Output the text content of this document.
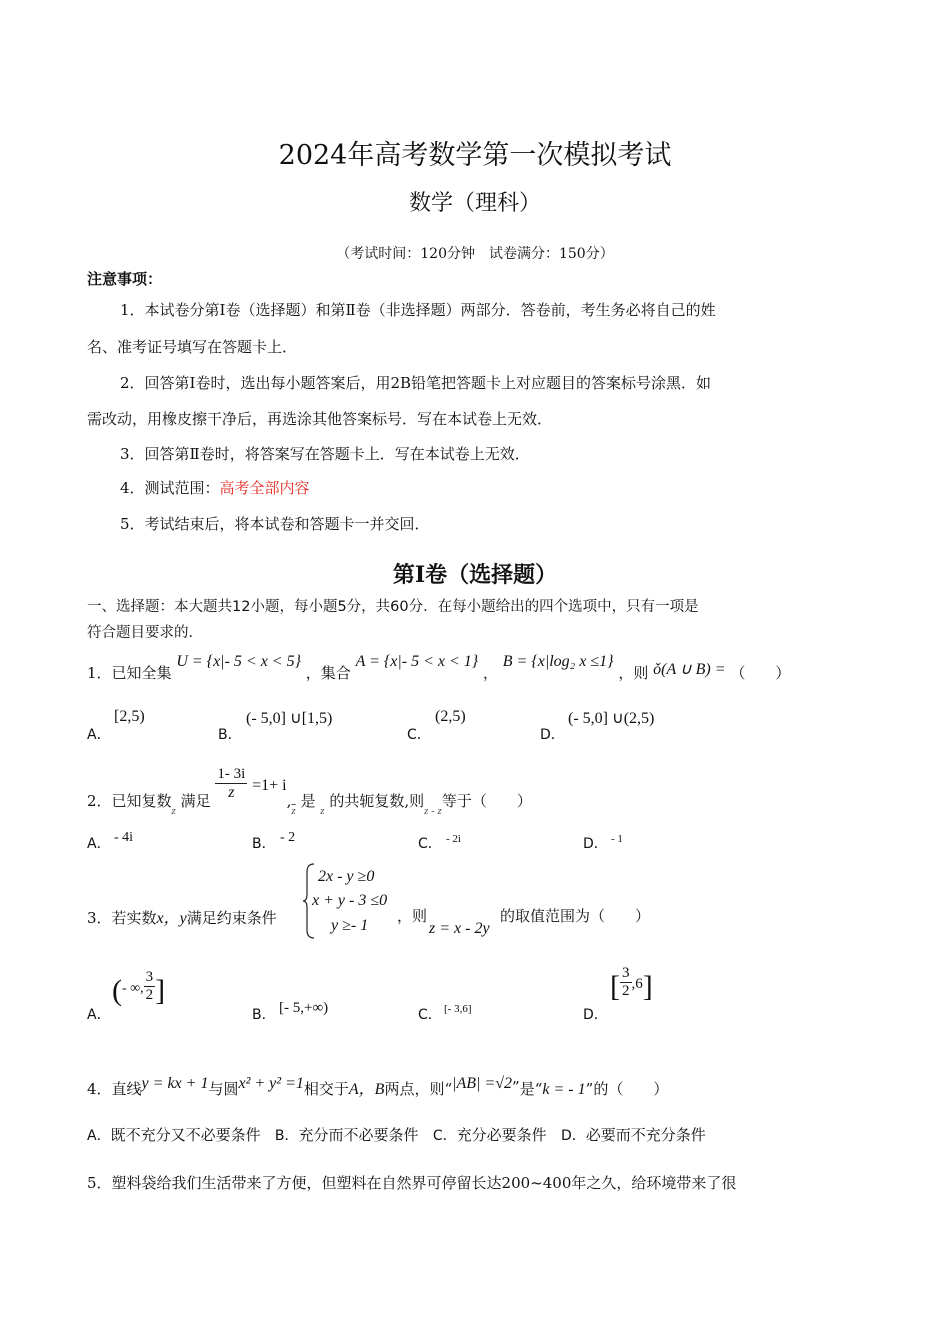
2024年高考数学第一次模拟考试
数学（理科）
（考试时间：120分钟　试卷满分：150分）
注意事项：
1．本试卷分第Ⅰ卷（选择题）和第Ⅱ卷（非选择题）两部分．答卷前，考生务必将自己的姓
名、准考证号填写在答题卡上．
2．回答第Ⅰ卷时，选出每小题答案后，用2B铅笔把答题卡上对应题目的答案标号涂黑．如
需改动，用橡皮擦干净后，再选涂其他答案标号．写在本试卷上无效．
3．回答第Ⅱ卷时，将答案写在答题卡上．写在本试卷上无效．
4．测试范围：高考全部内容
5．考试结束后，将本试卷和答题卡一并交回．
第Ⅰ卷（选择题）
一、选择题：本大题共12小题，每小题5分，共60分．在每小题给出的四个选项中，只有一项是
符合题目要求的．
1．已知全集 U = {x|- 5 < x < 5} ，集合 A = {x|- 5 < x < 1} ， B = {x|log₂ x ≤1} ，则 ǒ(A ∪ B) = （　　）
A．
[2,5)
B．
(- 5,0] ∪[1,5)
C．
(2,5)
D．
(- 5,0] ∪(2,5)
2．已知复数$_z$ 满足 $\frac{1- 3i}{z} =1+ i,_{\overline{z}}$ 是 $_z$ 的共轭复数,则$_{z - z}$等于（　　）
A． - 4i	B． - 2	C． - 2i	D． - 1
3．若实数x，y满足约束条件
2x - y ≥0
x + y - 3 ≤0
y ≥- 1
，则
z = x - 2y
的取值范围为（　　）
A．
(- ∞, $\frac{3}{2}$ ]
B． [- 5,+∞)	C． [- 3,6]	D．
[ $\frac{3}{2} ,6$]
4．直线y = kx + 1与圆x² + y² =1相交于A，B两点，则“|AB| =√2”是“k = - 1”的（　　）
A．既不充分又不必要条件 B．充分而不必要条件 C．充分必要条件 D．必要而不充分条件
5．塑料袋给我们生活带来了方便，但塑料在自然界可停留长达200~400年之久，给环境带来了很
